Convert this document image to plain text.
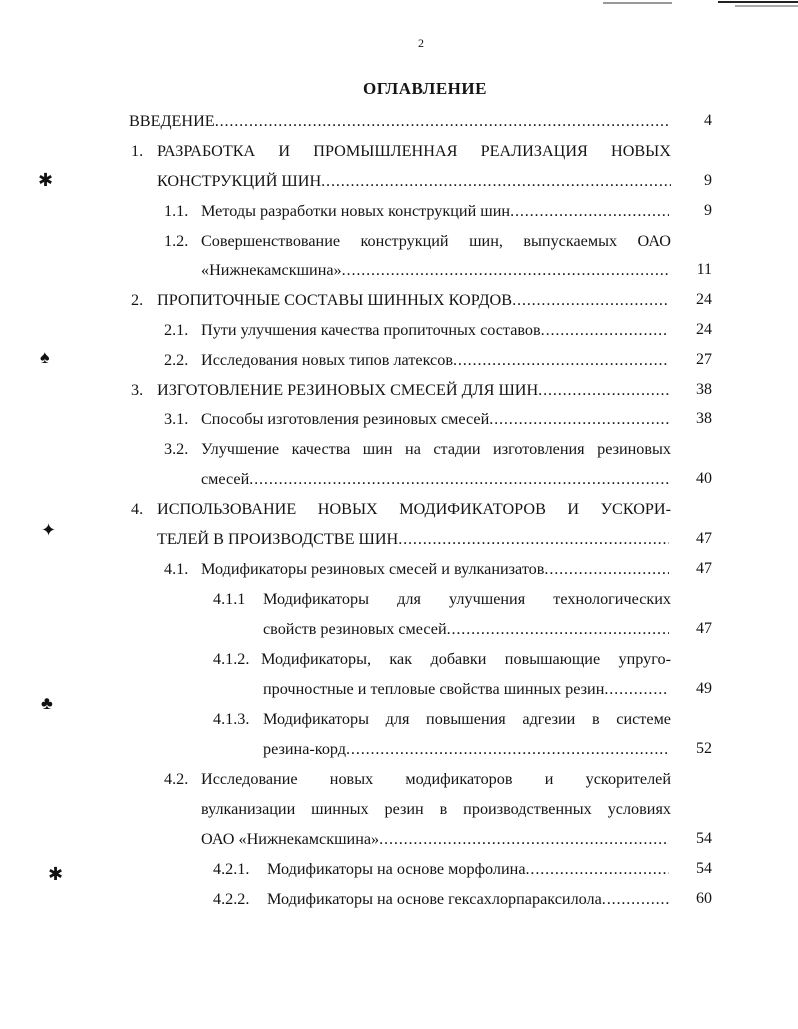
2
ОГЛАВЛЕНИЕ
✱
♠
✦
♣
✱
ВВЕДЕНИЕ . . .	4
1. РАЗРАБОТКА И ПРОМЫШЛЕННАЯ РЕАЛИЗАЦИЯ НОВЫХ
КОНСТРУКЦИЙ ШИН . . .	9
1.1. Методы разработки новых конструкций шин . . .	9
1.2. Совершенствование конструкций шин, выпускаемых ОАО
«Нижнекамскшина» . . .	11
2. ПРОПИТОЧНЫЕ СОСТАВЫ ШИННЫХ КОРДОВ . . .	24
2.1. Пути улучшения качества пропиточных составов . . .	24
2.2. Исследования новых типов латексов . . .	27
3. ИЗГОТОВЛЕНИЕ РЕЗИНОВЫХ СМЕСЕЙ ДЛЯ ШИН . . .	38
3.1. Способы изготовления резиновых смесей . . .	38
3.2. Улучшение качества шин на стадии изготовления резиновых
смесей . . .	40
4. ИСПОЛЬЗОВАНИЕ НОВЫХ МОДИФИКАТОРОВ И УСКОРИ-
ТЕЛЕЙ В ПРОИЗВОДСТВЕ ШИН . . .	47
4.1. Модификаторы резиновых смесей и вулканизатов . . .	47
4.1.1 Модификаторы для улучшения технологических
свойств резиновых смесей . . .	47
4.1.2. Модификаторы, как добавки повышающие упруго-
прочностные и тепловые свойства шинных резин . . .	49
4.1.3. Модификаторы для повышения адгезии в системе
резина-корд . . .	52
4.2. Исследование новых модификаторов и ускорителей
вулканизации шинных резин в производственных условиях
ОАО «Нижнекамскшина» . . .	54
4.2.1. Модификаторы на основе морфолина . . .	54
4.2.2. Модификаторы на основе гексахлорпараксилола . . .	60
